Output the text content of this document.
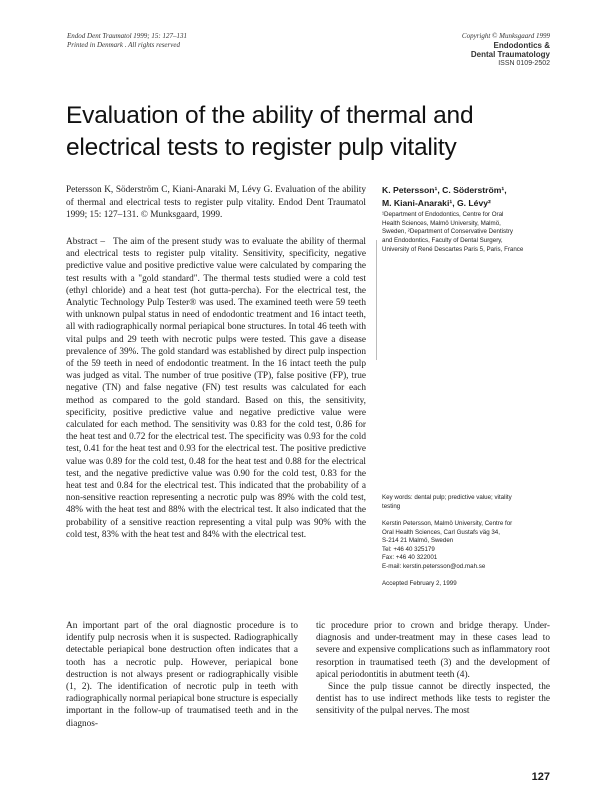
Endod Dent Traumatol 1999; 15: 127–131
Printed in Denmark . All rights reserved
Copyright © Munksgaard 1999
Endodontics &
Dental Traumatology
ISSN 0109-2502
Evaluation of the ability of thermal and electrical tests to register pulp vitality
Petersson K, Söderström C, Kiani-Anaraki M, Lévy G. Evaluation of the ability of thermal and electrical tests to register pulp vitality. Endod Dent Traumatol 1999; 15: 127–131. © Munksgaard, 1999.
Abstract – The aim of the present study was to evaluate the ability of thermal and electrical tests to register pulp vitality. Sensitivity, specificity, negative predictive value and positive predictive value were calculated by comparing the test results with a "gold standard". The thermal tests studied were a cold test (ethyl chloride) and a heat test (hot gutta-percha). For the electrical test, the Analytic Technology Pulp Tester® was used. The examined teeth were 59 teeth with unknown pulpal status in need of endodontic treatment and 16 intact teeth, all with radiographically normal periapical bone structures. In total 46 teeth with vital pulps and 29 teeth with necrotic pulps were tested. This gave a disease prevalence of 39%. The gold standard was established by direct pulp inspection of the 59 teeth in need of endodontic treatment. In the 16 intact teeth the pulp was judged as vital. The number of true positive (TP), false positive (FP), true negative (TN) and false negative (FN) test results was calculated for each method as compared to the gold standard. Based on this, the sensitivity, specificity, positive predictive value and negative predictive value were calculated for each method. The sensitivity was 0.83 for the cold test, 0.86 for the heat test and 0.72 for the electrical test. The specificity was 0.93 for the cold test, 0.41 for the heat test and 0.93 for the electrical test. The positive predictive value was 0.89 for the cold test, 0.48 for the heat test and 0.88 for the electrical test, and the negative predictive value was 0.90 for the cold test, 0.83 for the heat test and 0.84 for the electrical test. This indicated that the probability of a non-sensitive reaction representing a necrotic pulp was 89% with the cold test, 48% with the heat test and 88% with the electrical test. It also indicated that the probability of a sensitive reaction representing a vital pulp was 90% with the cold test, 83% with the heat test and 84% with the electrical test.
K. Petersson¹, C. Söderström¹,
M. Kiani-Anaraki¹, G. Lévy²
¹Department of Endodontics, Centre for Oral
Health Sciences, Malmö University, Malmö,
Sweden, ²Department of Conservative Dentistry
and Endodontics, Faculty of Dental Surgery,
University of René Descartes Paris 5, Paris, France
Key words: dental pulp; predictive value; vitality
testing
Kerstin Petersson, Malmö University, Centre for
Oral Health Sciences, Carl Gustafs väg 34,
S-214 21 Malmö, Sweden
Tel: +46 40 325179
Fax: +46 40 322001
E-mail: kerstin.petersson@od.mah.se
Accepted February 2, 1999

An important part of the oral diagnostic procedure is to identify pulp necrosis when it is suspected. Radiographically detectable periapical bone destruction often indicates that a tooth has a necrotic pulp. However, periapical bone destruction is not always present or radiographically visible (1, 2). The identification of necrotic pulp in teeth with radiographically normal periapical bone structure is especially important in the follow-up of traumatised teeth and in the diagnos-

tic procedure prior to crown and bridge therapy. Under-diagnosis and under-treatment may in these cases lead to severe and expensive complications such as inflammatory root resorption in traumatised teeth (3) and the development of apical periodontitis in abutment teeth (4).

Since the pulp tissue cannot be directly inspected, the dentist has to use indirect methods like tests to register the sensitivity of the pulpal nerves. The most

127
